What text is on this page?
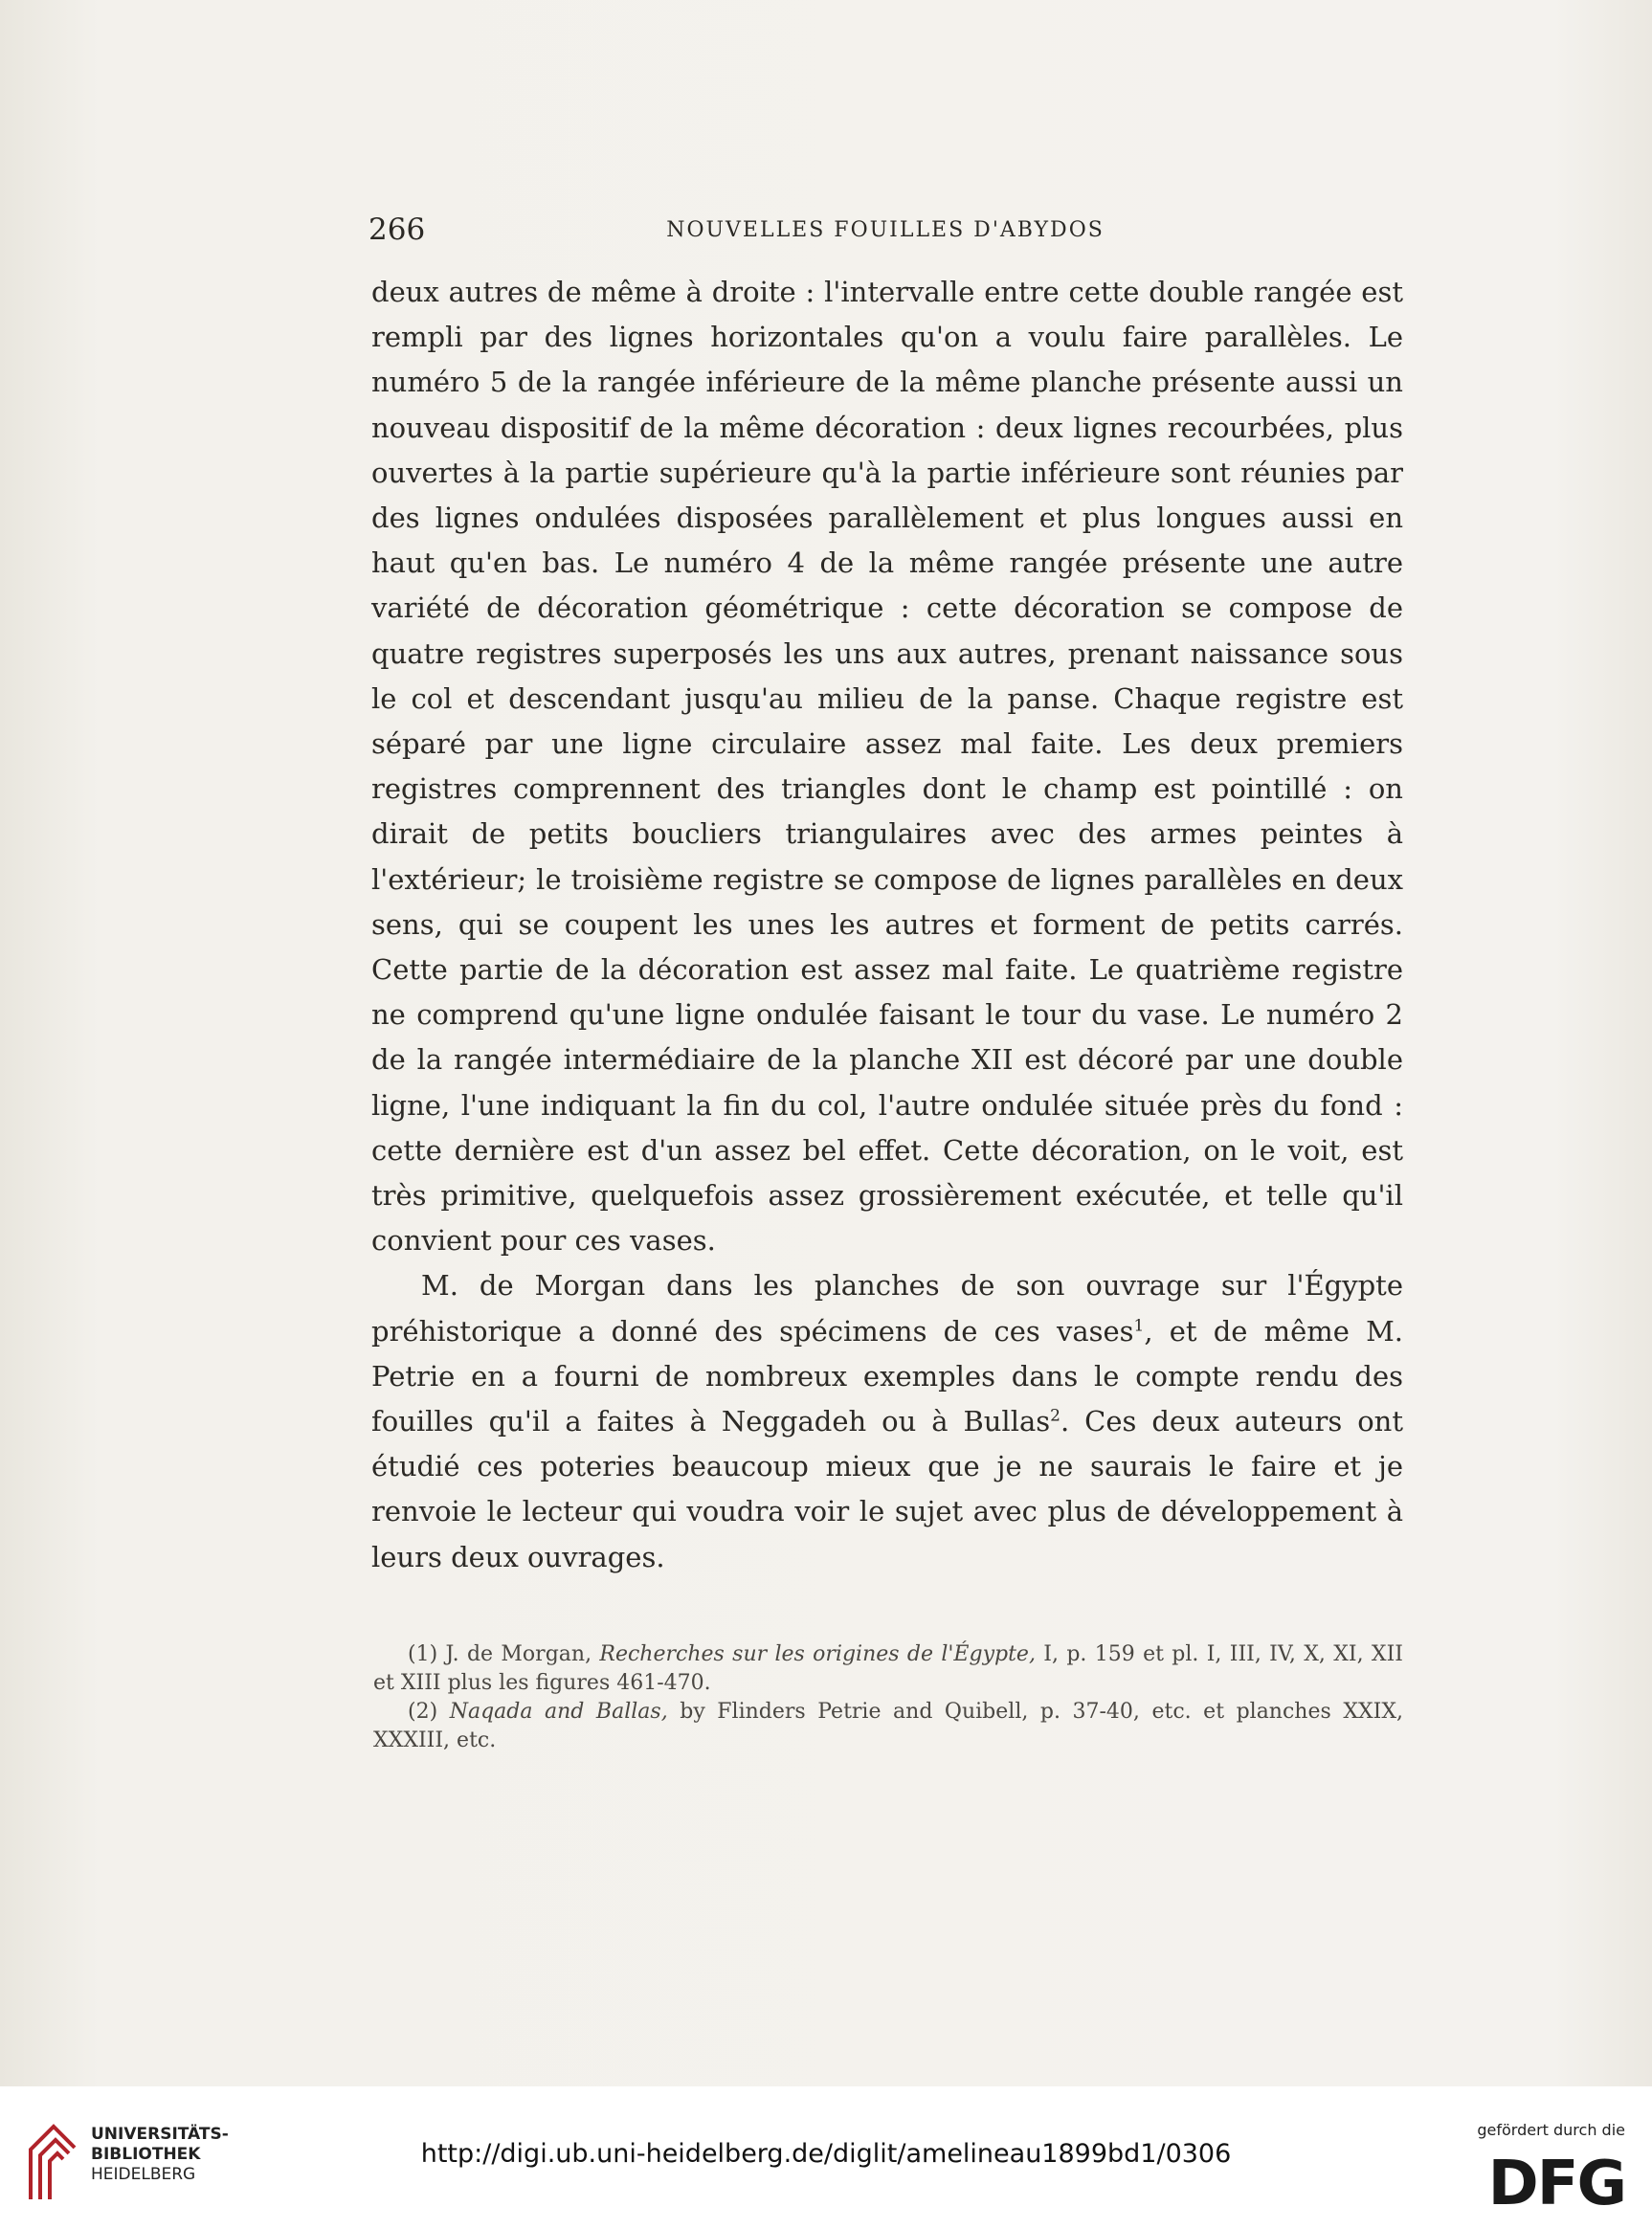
266	NOUVELLES FOUILLES D'ABYDOS

deux autres de même à droite : l'intervalle entre cette double rangée est rempli par des lignes horizontales qu'on a voulu faire parallèles. Le numéro 5 de la rangée inférieure de la même planche présente aussi un nouveau dispositif de la même décoration : deux lignes recourbées, plus ouvertes à la partie supérieure qu'à la partie inférieure sont réunies par des lignes ondulées disposées parallèlement et plus longues aussi en haut qu'en bas. Le numéro 4 de la même rangée présente une autre variété de décoration géométrique : cette décoration se compose de quatre registres superposés les uns aux autres, prenant naissance sous le col et descendant jusqu'au milieu de la panse. Chaque registre est séparé par une ligne circulaire assez mal faite. Les deux premiers registres comprennent des triangles dont le champ est pointillé : on dirait de petits boucliers triangulaires avec des armes peintes à l'extérieur; le troisième registre se compose de lignes parallèles en deux sens, qui se coupent les unes les autres et forment de petits carrés. Cette partie de la décoration est assez mal faite. Le quatrième registre ne comprend qu'une ligne ondulée faisant le tour du vase. Le numéro 2 de la rangée intermédiaire de la planche XII est décoré par une double ligne, l'une indiquant la fin du col, l'autre ondulée située près du fond : cette dernière est d'un assez bel effet. Cette décoration, on le voit, est très primitive, quelquefois assez grossièrement exécutée, et telle qu'il convient pour ces vases.

M. de Morgan dans les planches de son ouvrage sur l'Égypte préhistorique a donné des spécimens de ces vases$^1$, et de même M. Petrie en a fourni de nombreux exemples dans le compte rendu des fouilles qu'il a faites à Neggadeh ou à Bullas$^2$. Ces deux auteurs ont étudié ces poteries beaucoup mieux que je ne saurais le faire et je renvoie le lecteur qui voudra voir le sujet avec plus de développement à leurs deux ouvrages.

(1) J. de Morgan, Recherches sur les origines de l'Égypte, I, p. 159 et pl. I, III, IV, X, XI, XII et XIII plus les figures 461-470.

(2) Naqada and Ballas, by Flinders Petrie and Quibell, p. 37-40, etc. et planches XXIX, XXXIII, etc.

UNIVERSITÄTS-
BIBLIOTHEK
HEIDELBERG
http://digi.ub.uni-heidelberg.de/diglit/amelineau1899bd1/0306
gefördert durch die
DFG
